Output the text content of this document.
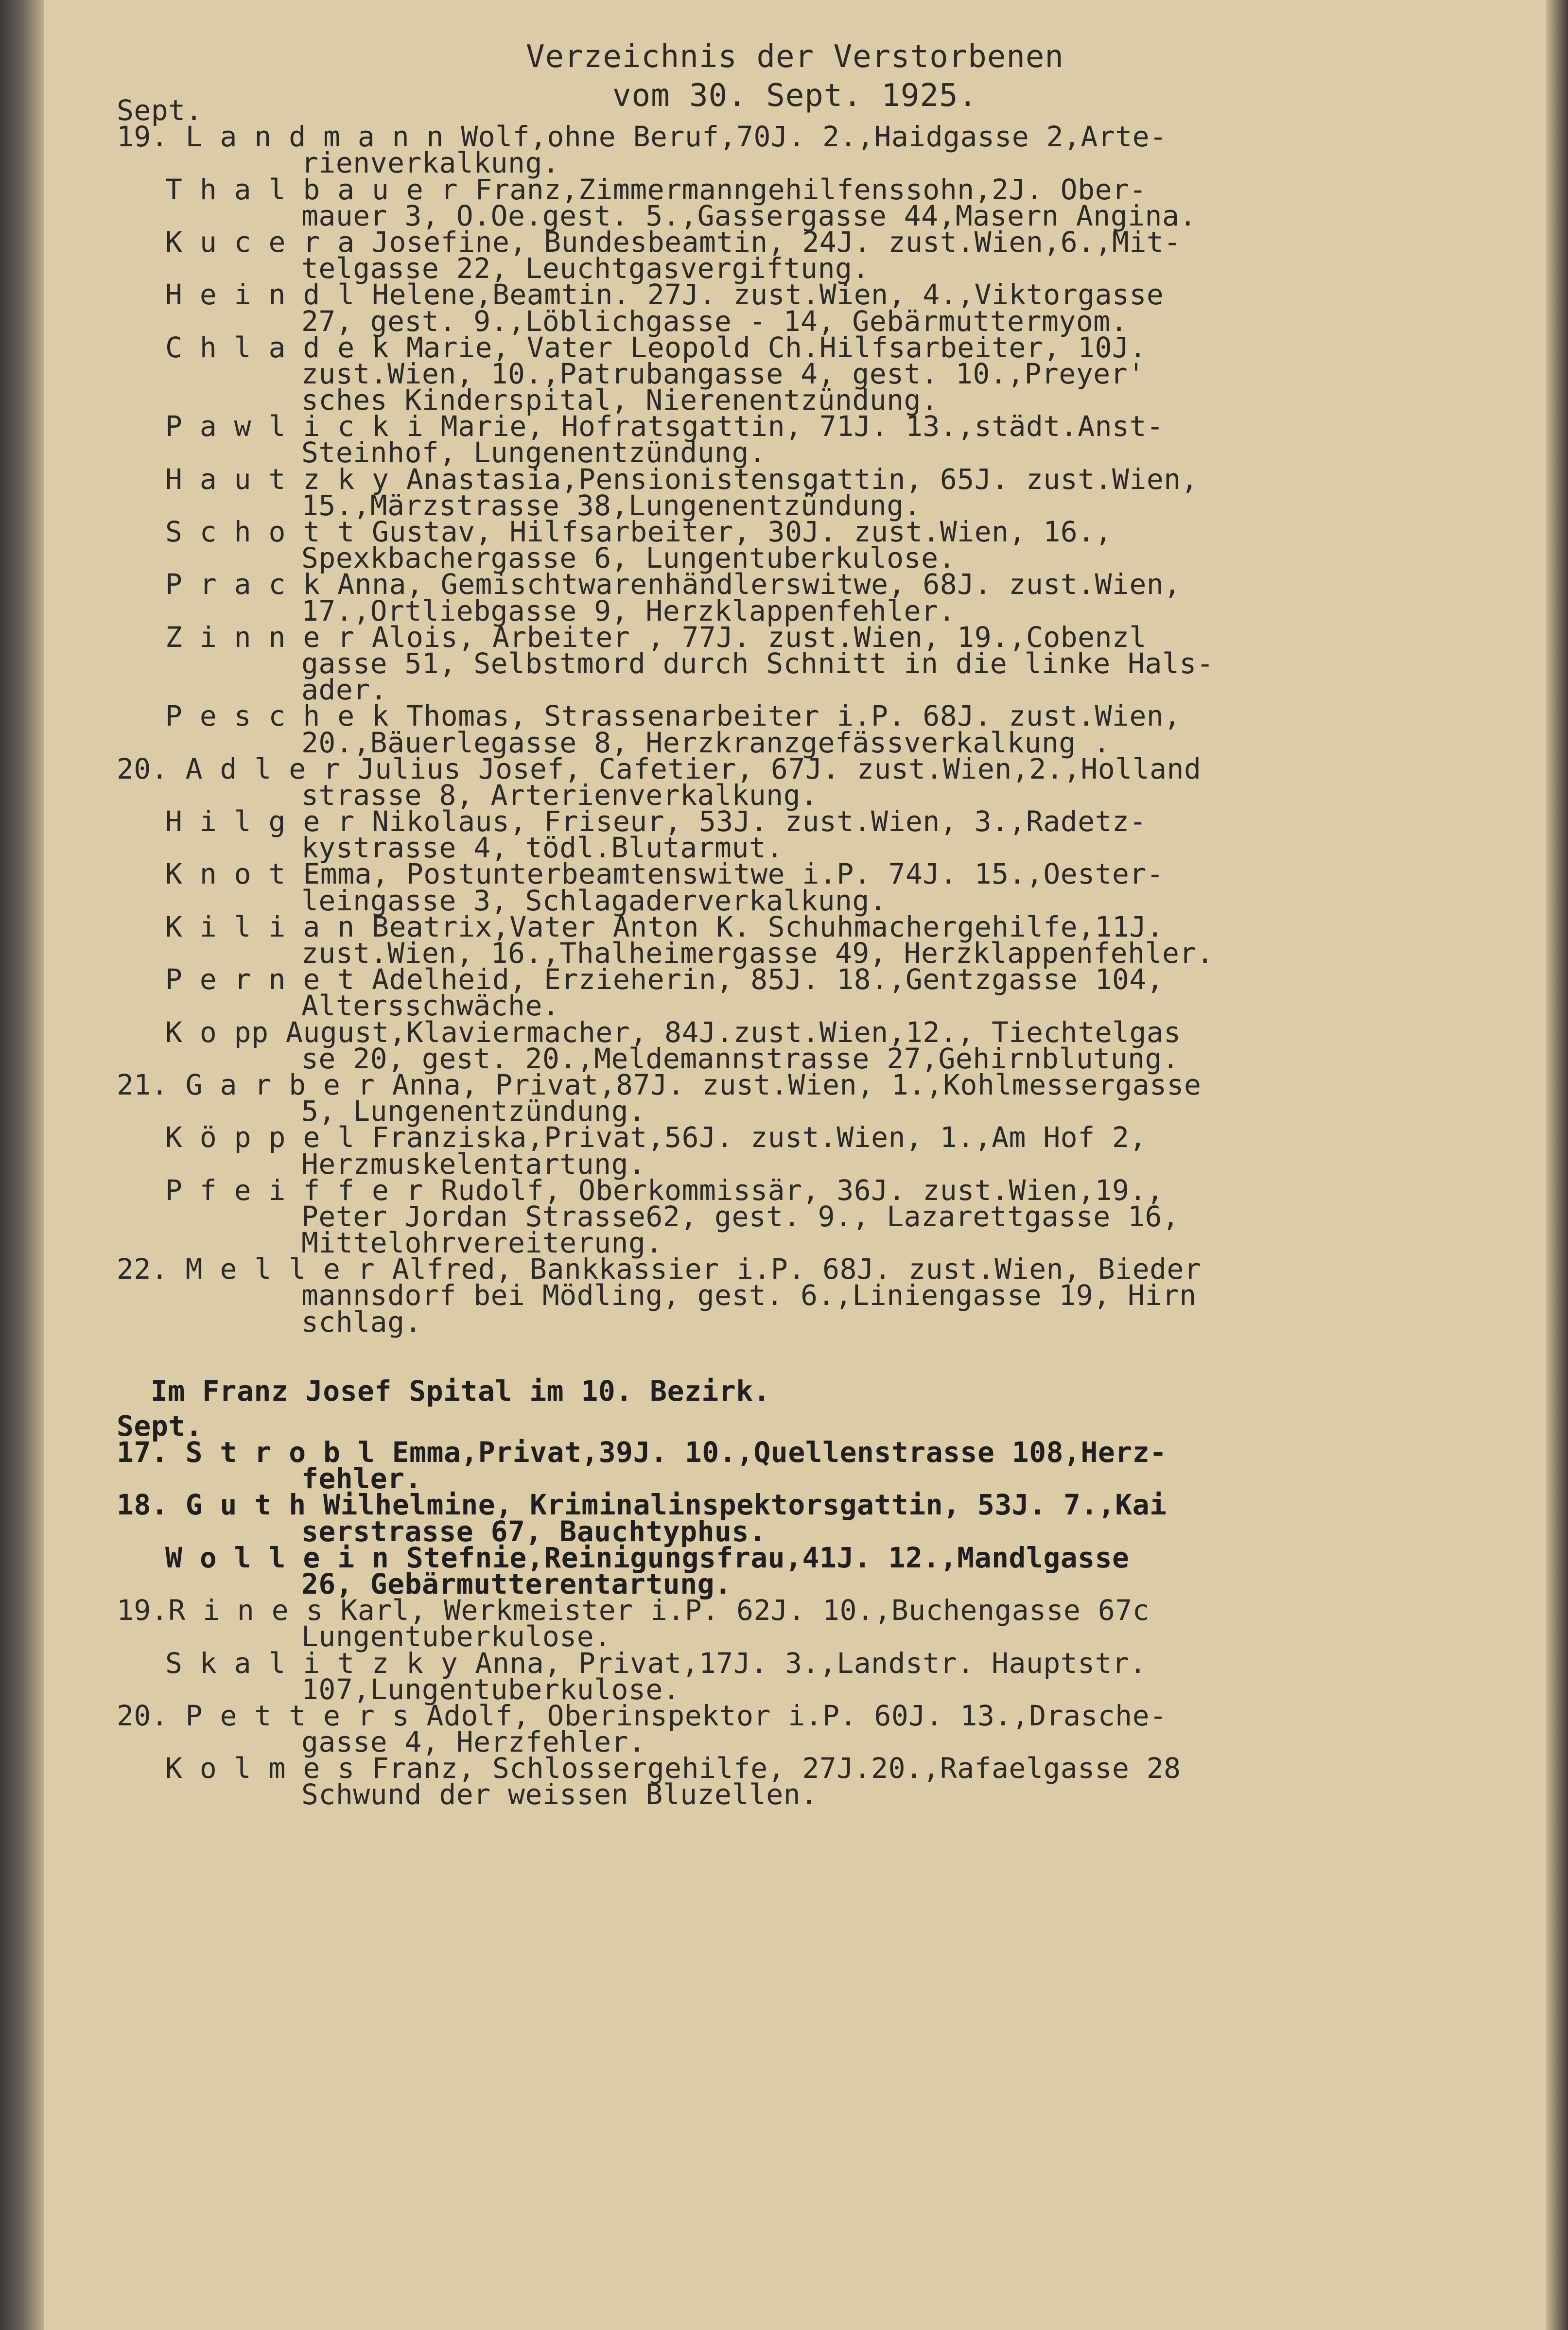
Verzeichnis der Verstorbenen
vom 30. Sept. 1925.
Sept.
19. L a n d m a n n Wolf,ohne Beruf,70J. 2.,Haidgasse 2,Arte-
rienverkalkung.
T h a l b a u e r Franz,Zimmermanngehilfenssohn,2J. Ober-
mauer 3, O.Oe.gest. 5.,Gassergasse 44,Masern Angina.
K u c e r a Josefine, Bundesbeamtin, 24J. zust.Wien,6.,Mit-
telgasse 22, Leuchtgasvergiftung.
H e i n d l Helene,Beamtin. 27J. zust.Wien, 4.,Viktorgasse
27, gest. 9.,Löblichgasse - 14, Gebärmuttermyom.
C h l a d e k Marie, Vater Leopold Ch.Hilfsarbeiter, 10J.
zust.Wien, 10.,Patrubangasse 4, gest. 10.,Preyer'
sches Kinderspital, Nierenentzündung.
P a w l i c k i Marie, Hofratsgattin, 71J. 13.,städt.Anst-
Steinhof, Lungenentzündung.
H a u t z k y Anastasia,Pensionistensgattin, 65J. zust.Wien,
15.,Märzstrasse 38,Lungenentzündung.
S c h o t t Gustav, Hilfsarbeiter, 30J. zust.Wien, 16.,
Spexkbachergasse 6, Lungentuberkulose.
P r a c k Anna, Gemischtwarenhändlerswitwe, 68J. zust.Wien,
17.,Ortliebgasse 9, Herzklappenfehler.
Z i n n e r Alois, Arbeiter , 77J. zust.Wien, 19.,Cobenzl
gasse 51, Selbstmord durch Schnitt in die linke Hals-
ader.
P e s c h e k Thomas, Strassenarbeiter i.P. 68J. zust.Wien,
20.,Bäuerlegasse 8, Herzkranzgefässverkalkung .
20. A d l e r Julius Josef, Cafetier, 67J. zust.Wien,2.,Holland
strasse 8, Arterienverkalkung.
H i l g e r Nikolaus, Friseur, 53J. zust.Wien, 3.,Radetz-
kystrasse 4, tödl.Blutarmut.
K n o t Emma, Postunterbeamtenswitwe i.P. 74J. 15.,Oester-
leingasse 3, Schlagaderverkalkung.
K i l i a n Beatrix,Vater Anton K. Schuhmachergehilfe,11J.
zust.Wien, 16.,Thalheimergasse 49, Herzklappenfehler.
P e r n e t Adelheid, Erzieherin, 85J. 18.,Gentzgasse 104,
Altersschwäche.
K o pp August,Klaviermacher, 84J.zust.Wien,12., Tiechtelgas
se 20, gest. 20.,Meldemannstrasse 27,Gehirnblutung.
21. G a r b e r Anna, Privat,87J. zust.Wien, 1.,Kohlmessergasse
5, Lungenentzündung.
K ö p p e l Franziska,Privat,56J. zust.Wien, 1.,Am Hof 2,
Herzmuskelentartung.
P f e i f f e r Rudolf, Oberkommissär, 36J. zust.Wien,19.,
Peter Jordan Strasse62, gest. 9., Lazarettgasse 16,
Mittelohrvereiterung.
22. M e l l e r Alfred, Bankkassier i.P. 68J. zust.Wien, Bieder
mannsdorf bei Mödling, gest. 6.,Liniengasse 19, Hirn
schlag.
Im Franz Josef Spital im 10. Bezirk.
Sept.
17. S t r o b l Emma,Privat,39J. 10.,Quellenstrasse 108,Herz-
fehler.
18. G u t h Wilhelmine, Kriminalinspektorsgattin, 53J. 7.,Kai
serstrasse 67, Bauchtyphus.
W o l l e i n Stefnie,Reinigungsfrau,41J. 12.,Mandlgasse
26, Gebärmutterentartung.
19.R i n e s Karl, Werkmeister i.P. 62J. 10.,Buchengasse 67c
Lungentuberkulose.
S k a l i t z k y Anna, Privat,17J. 3.,Landstr. Hauptstr.
107,Lungentuberkulose.
20. P e t t e r s Adolf, Oberinspektor i.P. 60J. 13.,Drasche-
gasse 4, Herzfehler.
K o l m e s Franz, Schlossergehilfe, 27J.20.,Rafaelgasse 28
Schwund der weissen Bluzellen.
